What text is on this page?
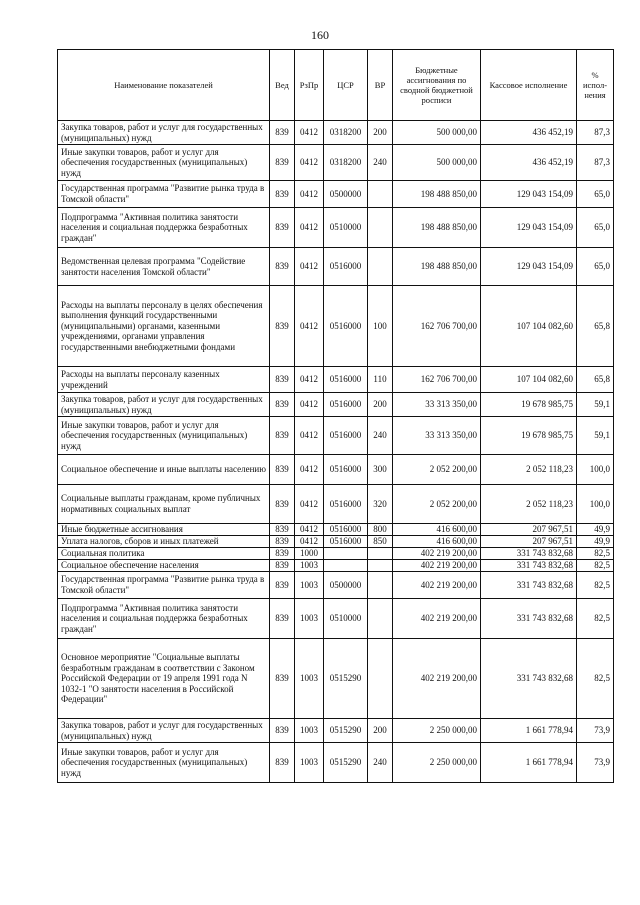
160
Наименование показателей	Вед	РзПр	ЦСР	ВР	Бюджетные ассигнования по сводной бюджетной росписи	Кассовое исполнение	% испол-нения
Закупка товаров, работ и услуг для государственных (муниципальных) нужд	839	0412	0318200	200	500 000,00	436 452,19	87,3
Иные закупки товаров, работ и услуг для обеспечения государственных (муниципальных) нужд	839	0412	0318200	240	500 000,00	436 452,19	87,3
Государственная программа "Развитие рынка труда в Томской области"	839	0412	0500000		198 488 850,00	129 043 154,09	65,0
Подпрограмма "Активная политика занятости населения и социальная поддержка безработных граждан"	839	0412	0510000		198 488 850,00	129 043 154,09	65,0
Ведомственная целевая программа "Содействие занятости населения Томской области"	839	0412	0516000		198 488 850,00	129 043 154,09	65,0
Расходы на выплаты персоналу в целях обеспечения выполнения функций государственными (муниципальными) органами, казенными учреждениями, органами управления государственными внебюджетными фондами	839	0412	0516000	100	162 706 700,00	107 104 082,60	65,8
Расходы на выплаты персоналу казенных учреждений	839	0412	0516000	110	162 706 700,00	107 104 082,60	65,8
Закупка товаров, работ и услуг для государственных (муниципальных) нужд	839	0412	0516000	200	33 313 350,00	19 678 985,75	59,1
Иные закупки товаров, работ и услуг для обеспечения государственных (муниципальных) нужд	839	0412	0516000	240	33 313 350,00	19 678 985,75	59,1
Социальное обеспечение и иные выплаты населению	839	0412	0516000	300	2 052 200,00	2 052 118,23	100,0
Социальные выплаты гражданам, кроме публичных нормативных социальных выплат	839	0412	0516000	320	2 052 200,00	2 052 118,23	100,0
Иные бюджетные ассигнования	839	0412	0516000	800	416 600,00	207 967,51	49,9
Уплата налогов, сборов и иных платежей	839	0412	0516000	850	416 600,00	207 967,51	49,9
Социальная политика	839	1000			402 219 200,00	331 743 832,68	82,5
Социальное обеспечение населения	839	1003			402 219 200,00	331 743 832,68	82,5
Государственная программа "Развитие рынка труда в Томской области"	839	1003	0500000		402 219 200,00	331 743 832,68	82,5
Подпрограмма "Активная политика занятости населения и социальная поддержка безработных граждан"	839	1003	0510000		402 219 200,00	331 743 832,68	82,5
Основное мероприятие "Социальные выплаты безработным гражданам в соответствии с Законом Российской Федерации от 19 апреля 1991 года N 1032-1 "О занятости населения в Российской Федерации"	839	1003	0515290		402 219 200,00	331 743 832,68	82,5
Закупка товаров, работ и услуг для государственных (муниципальных) нужд	839	1003	0515290	200	2 250 000,00	1 661 778,94	73,9
Иные закупки товаров, работ и услуг для обеспечения государственных (муниципальных) нужд	839	1003	0515290	240	2 250 000,00	1 661 778,94	73,9
